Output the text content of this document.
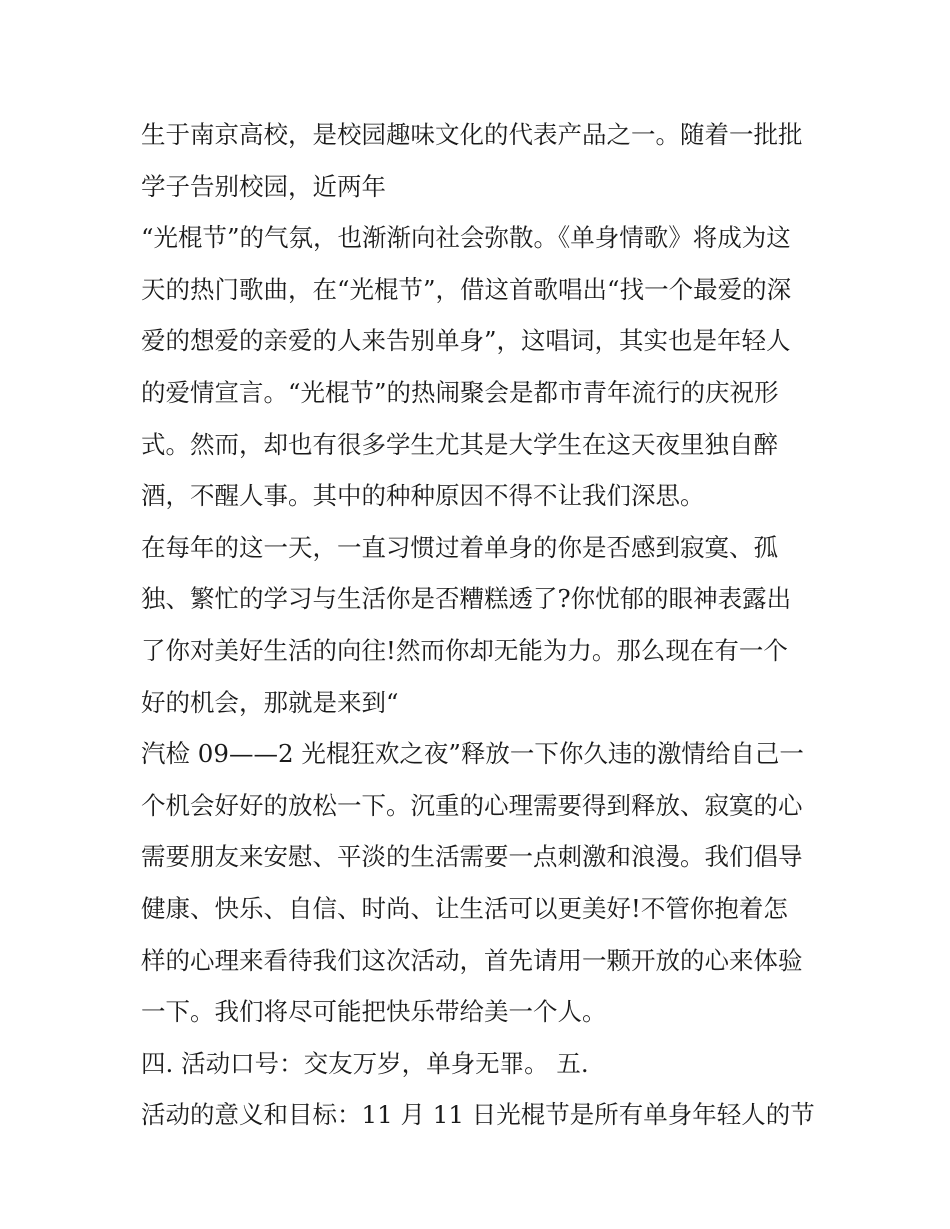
生于南京高校，是校园趣味文化的代表产品之一。随着一批批
学子告别校园，近两年
“光棍节”的气氛，也渐渐向社会弥散。《单身情歌》将成为这
天的热门歌曲，在“光棍节”，借这首歌唱出“找一个最爱的深
爱的想爱的亲爱的人来告别单身”，这唱词，其实也是年轻人
的爱情宣言。“光棍节”的热闹聚会是都市青年流行的庆祝形
式。然而，却也有很多学生尤其是大学生在这天夜里独自醉
酒，不醒人事。其中的种种原因不得不让我们深思。
在每年的这一天，一直习惯过着单身的你是否感到寂寞、孤
独、繁忙的学习与生活你是否糟糕透了?你忧郁的眼神表露出
了你对美好生活的向往!然而你却无能为力。那么现在有一个
好的机会，那就是来到“
汽检 09——2 光棍狂欢之夜”释放一下你久违的激情给自己一
个机会好好的放松一下。沉重的心理需要得到释放、寂寞的心
需要朋友来安慰、平淡的生活需要一点刺激和浪漫。我们倡导
健康、快乐、自信、时尚、让生活可以更美好!不管你抱着怎
样的心理来看待我们这次活动，首先请用一颗开放的心来体验
一下。我们将尽可能把快乐带给美一个人。
四. 活动口号：交友万岁，单身无罪。 五.
活动的意义和目标：11 月 11 日光棍节是所有单身年轻人的节
